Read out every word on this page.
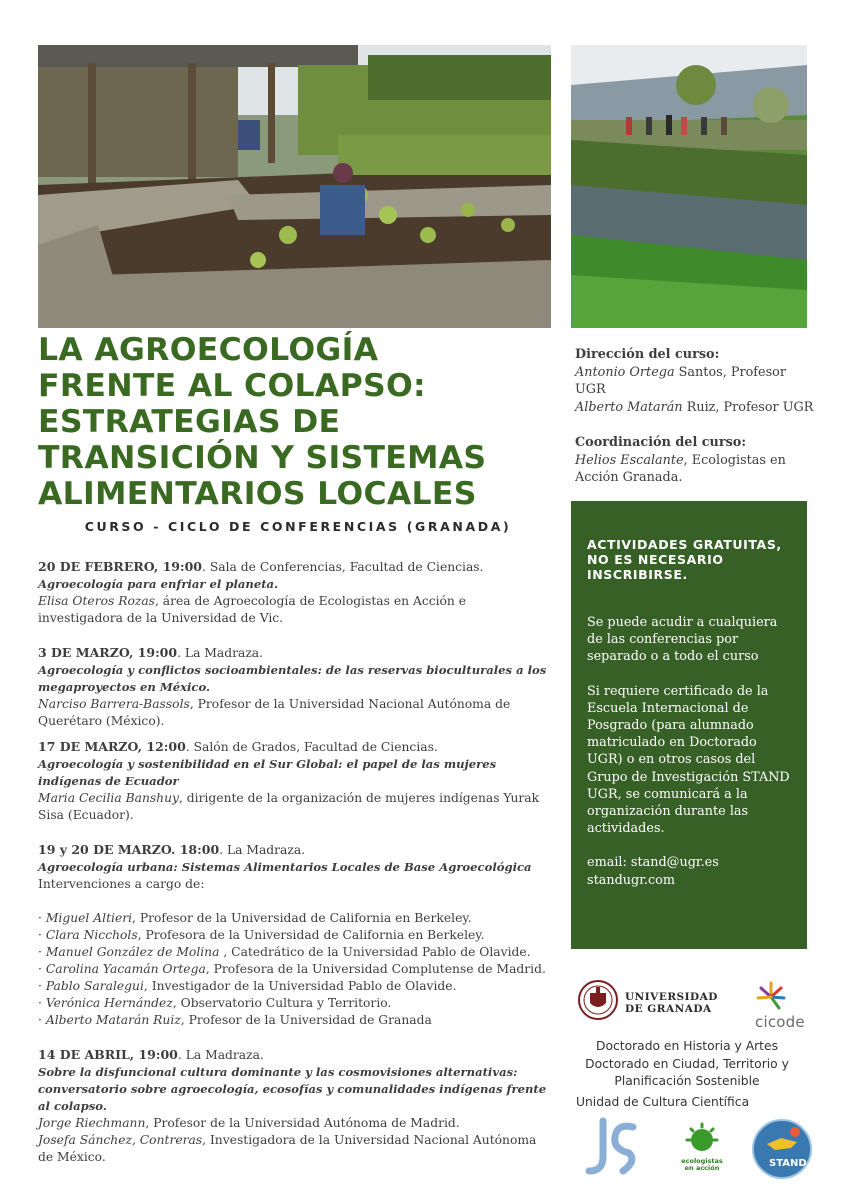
LA AGROECOLOGÍA
FRENTE AL COLAPSO:
ESTRATEGIAS DE
TRANSICIÓN Y SISTEMAS
ALIMENTARIOS LOCALES
CURSO - CICLO DE CONFERENCIAS (GRANADA)
20 DE FEBRERO, 19:00. Sala de Conferencias, Facultad de Ciencias.
Agroecología para enfriar el planeta.
Elisa Oteros Rozas, área de Agroecología de Ecologistas en Acción e investigadora de la Universidad de Vic.
3 DE MARZO, 19:00. La Madraza.
Agroecología y conflictos socioambientales: de las reservas bioculturales a los megaproyectos en México.
Narciso Barrera-Bassols, Profesor de la Universidad Nacional Autónoma de Querétaro (México).
17 DE MARZO, 12:00. Salón de Grados, Facultad de Ciencias.
Agroecología y sostenibilidad en el Sur Global: el papel de las mujeres indígenas de Ecuador
Maria Cecilia Banshuy, dirigente de la organización de mujeres indígenas Yurak Sisa (Ecuador).
19 y 20 DE MARZO. 18:00. La Madraza.
Agroecología urbana: Sistemas Alimentarios Locales de Base Agroecológica
Intervenciones a cargo de:
· Miguel Altieri, Profesor de la Universidad de California en Berkeley.
· Clara Nicchols, Profesora de la Universidad de California en Berkeley.
· Manuel González de Molina , Catedrático de la Universidad Pablo de Olavide.
· Carolina Yacamán Ortega, Profesora de la Universidad Complutense de Madrid.
· Pablo Saralegui, Investigador de la Universidad Pablo de Olavide.
· Verónica Hernández, Observatorio Cultura y Territorio.
· Alberto Matarán Ruiz, Profesor de la Universidad de Granada
14 DE ABRIL, 19:00. La Madraza.
Sobre la disfuncional cultura dominante y las cosmovisiones alternativas: conversatorio sobre agroecología, ecosofías y comunalidades indígenas frente al colapso.
Jorge Riechmann, Profesor de la Universidad Autónoma de Madrid.
Josefa Sánchez, Contreras, Investigadora de la Universidad Nacional Autónoma de México.
Dirección del curso:
Antonio Ortega Santos, Profesor UGR
Alberto Matarán Ruiz, Profesor UGR
Coordinación del curso:
Helios Escalante, Ecologistas en Acción Granada.
ACTIVIDADES GRATUITAS, NO ES NECESARIO INSCRIBIRSE.
Se puede acudir a cualquiera de las conferencias por separado o a todo el curso
Si requiere certificado de la Escuela Internacional de Posgrado (para alumnado matriculado en Doctorado UGR) o en otros casos del Grupo de Investigación STAND UGR, se comunicará a la organización durante las actividades.
email: stand@ugr.es
standugr.com
UNIVERSIDAD
DE GRANADA
cicode
Doctorado en Historia y Artes
Doctorado en Ciudad, Territorio y
Planificación Sostenible
Unidad de Cultura Científica
ecologistas
en acción	STAND
